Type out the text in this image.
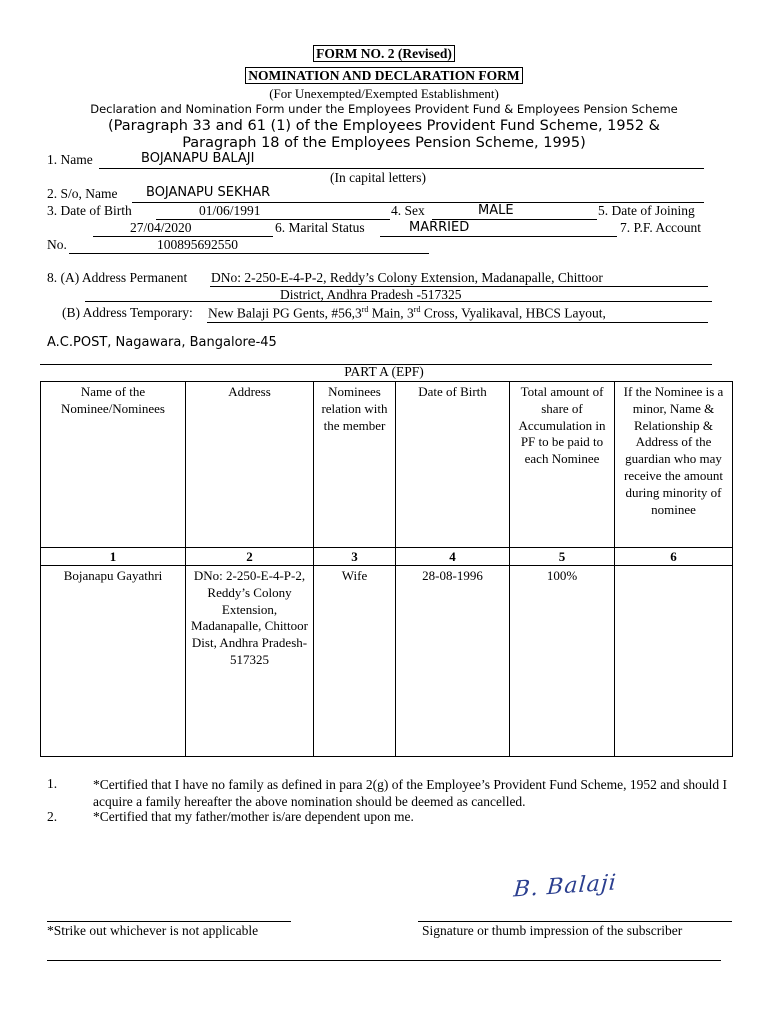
FORM NO. 2 (Revised)
NOMINATION AND DECLARATION FORM
(For Unexempted/Exempted Establishment)
Declaration and Nomination Form under the Employees Provident Fund & Employees Pension Scheme
(Paragraph 33 and 61 (1) of the Employees Provident Fund Scheme, 1952 &
Paragraph 18 of the Employees Pension Scheme, 1995)
1. Name	BOJANAPU BALAJI
(In capital letters)
2. S/o, Name BOJANAPU SEKHAR
3. Date of Birth	01/06/1991	4. Sex	MALE	5. Date of Joining
27/04/2020	6. Marital Status	MARRIED	7. P.F. Account
No.	100895692550
8. (A) Address Permanent DNo: 2-250-E-4-P-2, Reddy’s Colony Extension, Madanapalle, Chittoor
District, Andhra Pradesh -517325
(B) Address Temporary: New Balaji PG Gents, #56,3rd Main, 3rd Cross, Vyalikaval, HBCS Layout,
A.C.POST, Nagawara, Bangalore-45
PART A (EPF)
Name of the Nominee/Nominees	Address	Nominees relation with the member	Date of Birth	Total amount of share of Accumulation in PF to be paid to each Nominee	If the Nominee is a minor, Name & Relationship & Address of the guardian who may receive the amount during minority of nominee
1	2	3	4	5	6
Bojanapu Gayathri	DNo: 2-250-E-4-P-2, Reddy’s Colony Extension, Madanapalle, Chittoor Dist, Andhra Pradesh-517325	Wife	28-08-1996	100%	
1.	*Certified that I have no family as defined in para 2(g) of the Employee’s Provident Fund Scheme, 1952 and should I acquire a family hereafter the above nomination should be deemed as cancelled.
2.	*Certified that my father/mother is/are dependent upon me.
B. Balaji
*Strike out whichever is not applicable	Signature or thumb impression of the subscriber
